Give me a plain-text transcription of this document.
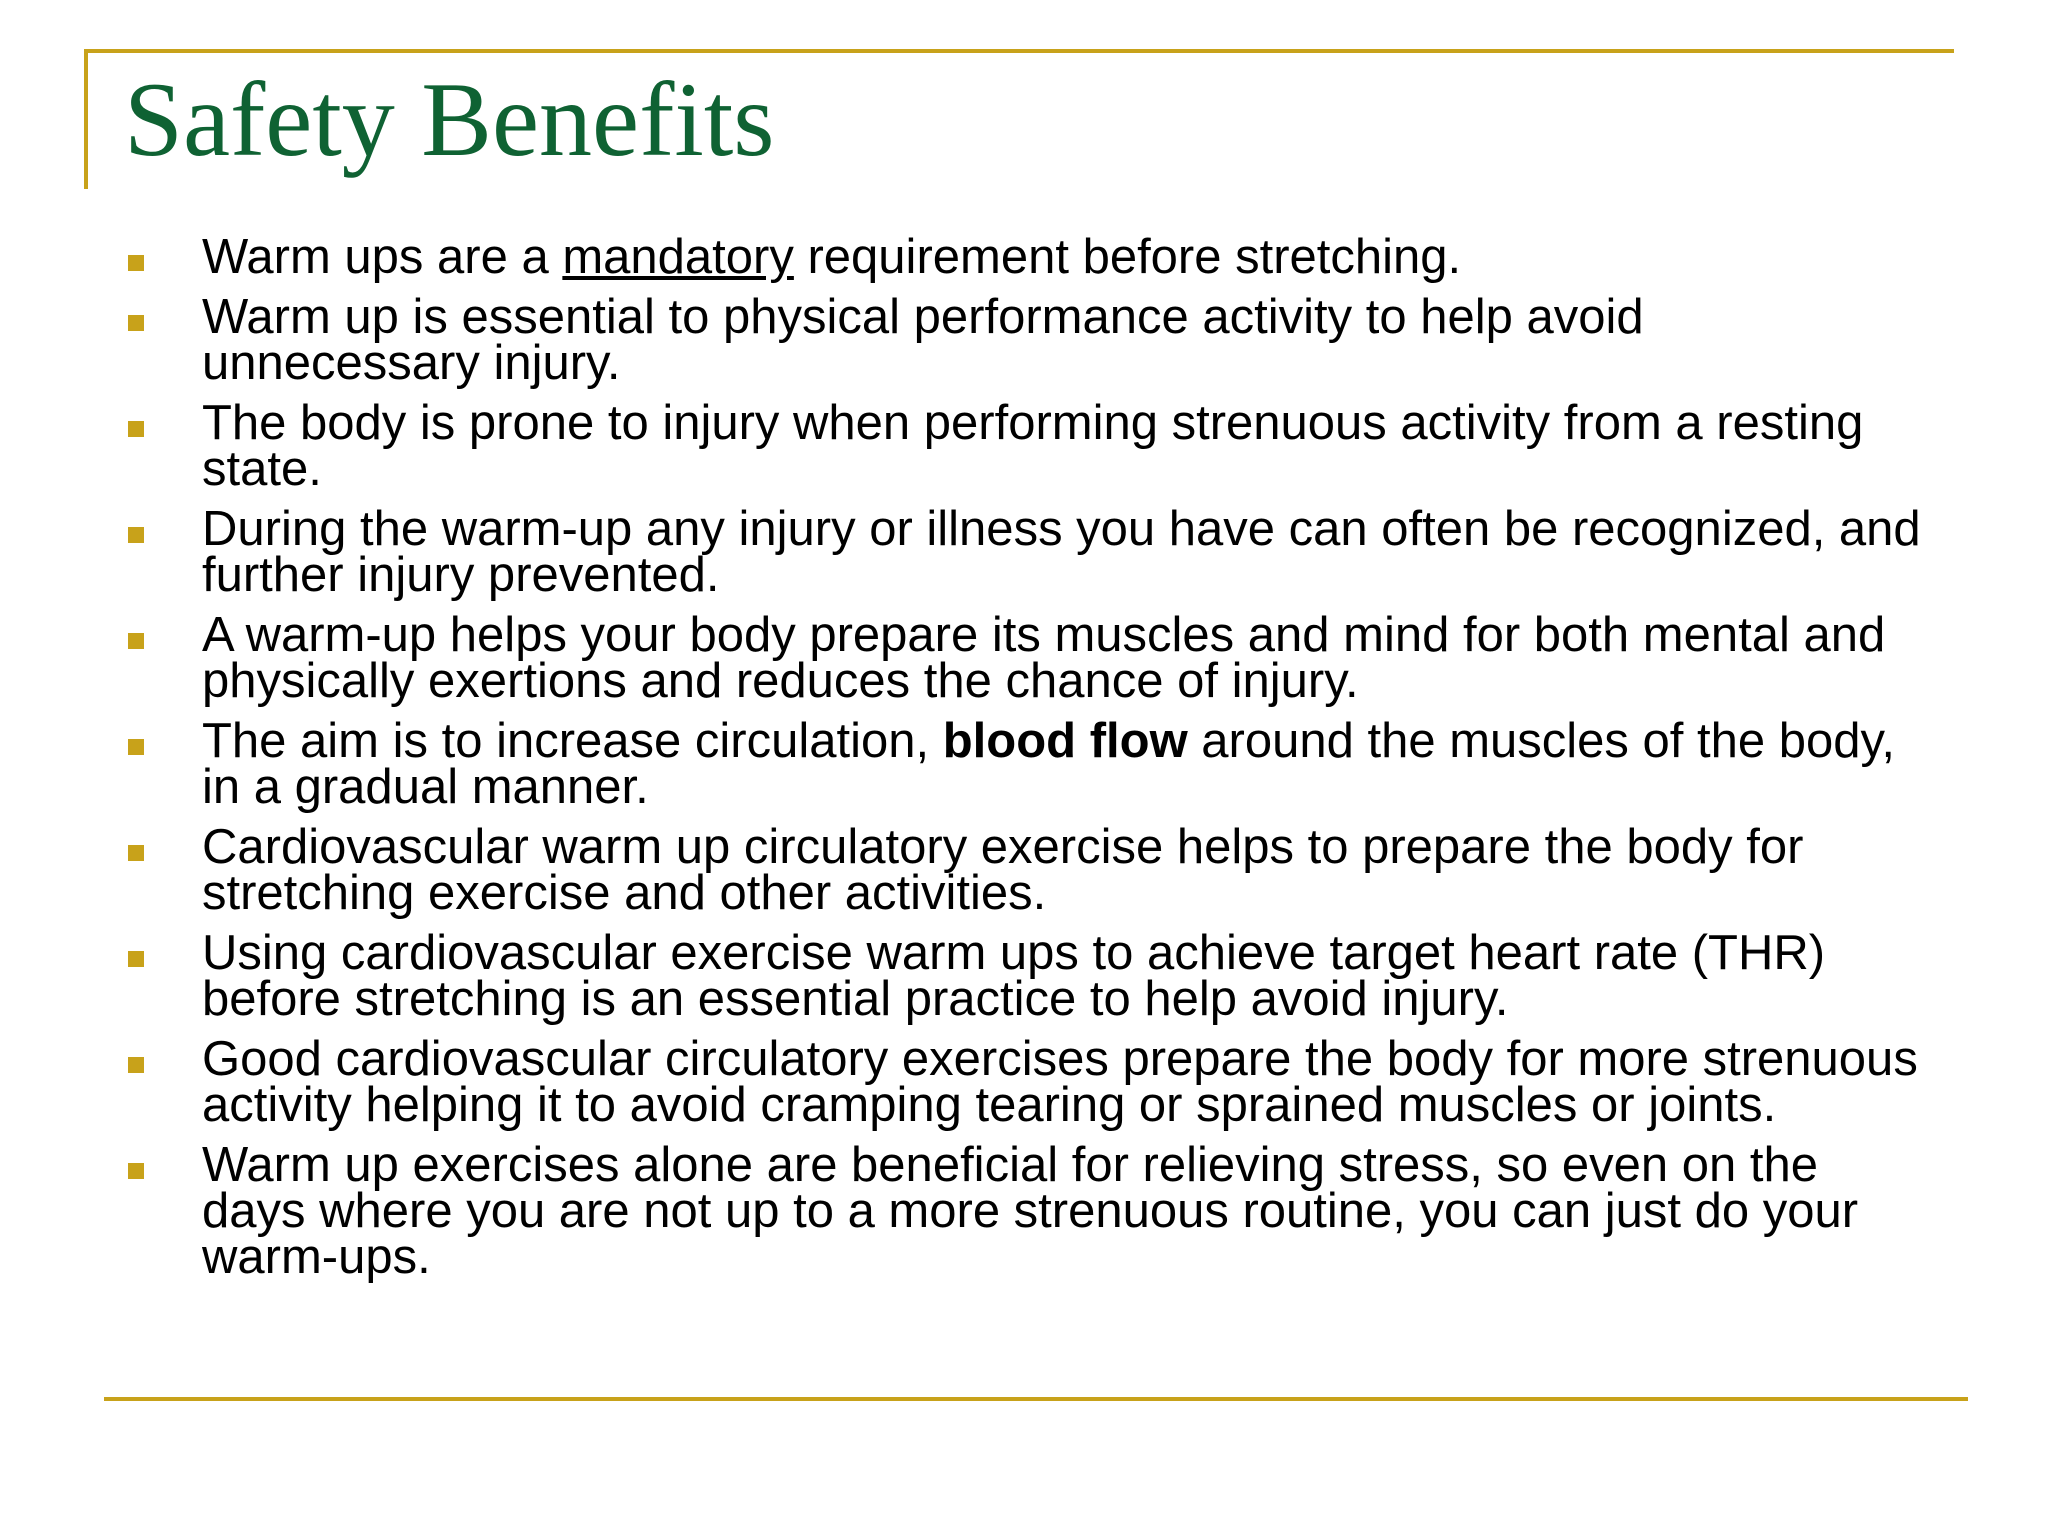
Safety Benefits
Warm ups are a mandatory requirement before stretching.
Warm up is essential to physical performance activity to help avoid unnecessary injury.
The body is prone to injury when performing strenuous activity from a resting state.
During the warm-up any injury or illness you have can often be recognized, and further injury prevented.
A warm-up helps your body prepare its muscles and mind for both mental and physically exertions and reduces the chance of injury.
The aim is to increase circulation, blood flow around the muscles of the body, in a gradual manner.
Cardiovascular warm up circulatory exercise helps to prepare the body for stretching exercise and other activities.
Using cardiovascular exercise warm ups to achieve target heart rate (THR) before stretching is an essential practice to help avoid injury.
Good cardiovascular circulatory exercises prepare the body for more strenuous activity helping it to avoid cramping tearing or sprained muscles or joints.
Warm up exercises alone are beneficial for relieving stress, so even on the days where you are not up to a more strenuous routine, you can just do your warm-ups.
